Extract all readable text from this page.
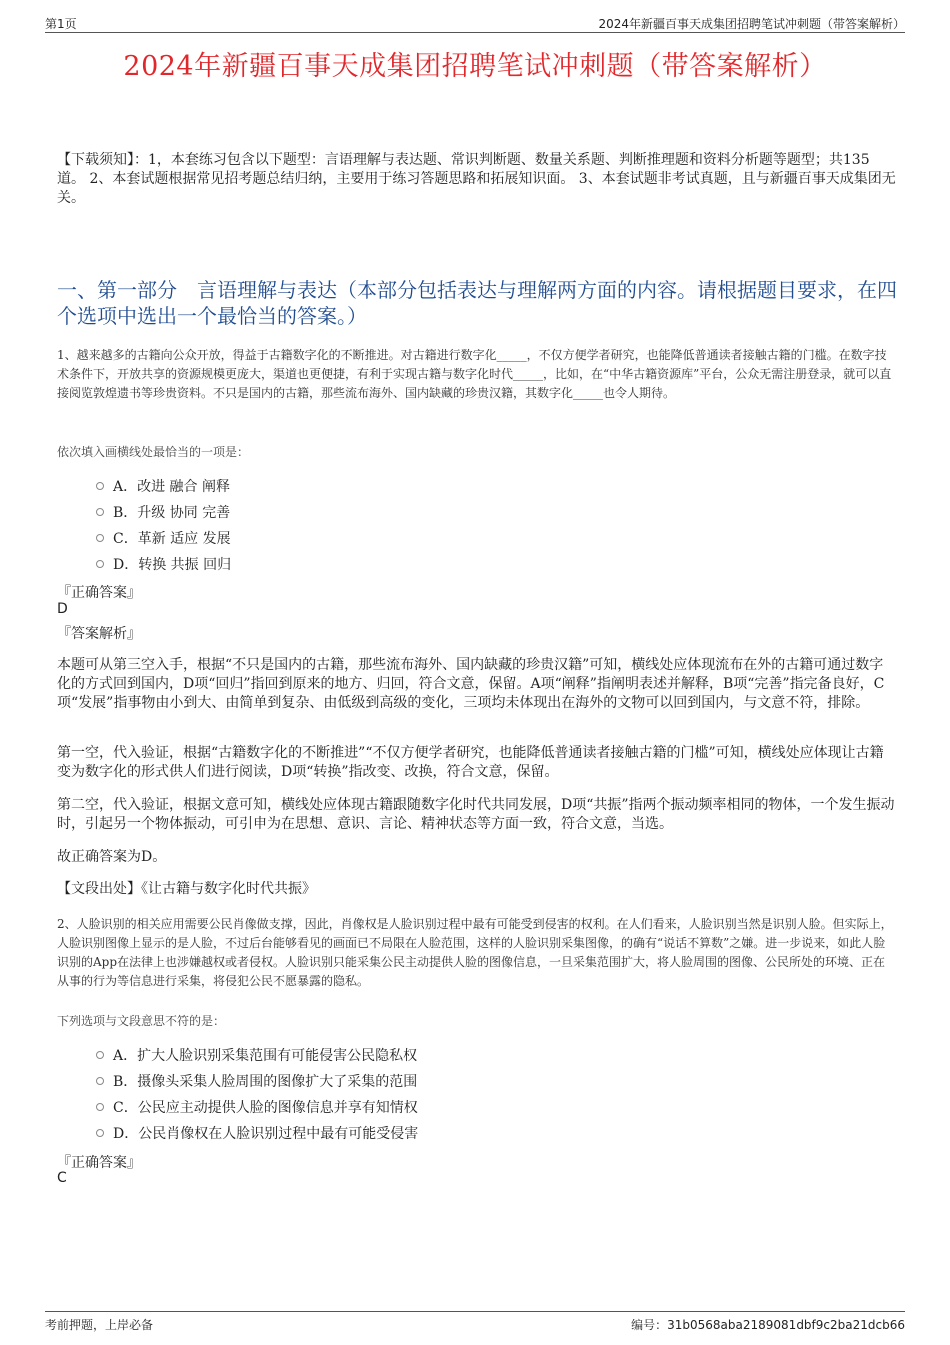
第1页	2024年新疆百事天成集团招聘笔试冲刺题（带答案解析）
2024年新疆百事天成集团招聘笔试冲刺题（带答案解析）
【下载须知】：1，本套练习包含以下题型：言语理解与表达题、常识判断题、数量关系题、判断推理题和资料分析题等题型；共135道。 2、本套试题根据常见招考题总结归纳，主要用于练习答题思路和拓展知识面。 3、本套试题非考试真题，且与新疆百事天成集团无关。
一、第一部分　言语理解与表达（本部分包括表达与理解两方面的内容。请根据题目要求，在四个选项中选出一个最恰当的答案。）
1、越来越多的古籍向公众开放，得益于古籍数字化的不断推进。对古籍进行数字化_____，不仅方便学者研究，也能降低普通读者接触古籍的门槛。在数字技术条件下，开放共享的资源规模更庞大，渠道也更便捷，有利于实现古籍与数字化时代_____，比如，在“中华古籍资源库”平台，公众无需注册登录，就可以直接阅览敦煌遗书等珍贵资料。不只是国内的古籍，那些流布海外、国内缺藏的珍贵汉籍，其数字化_____也令人期待。
依次填入画横线处最恰当的一项是：
A．改进 融合 阐释
B．升级 协同 完善
C．革新 适应 发展
D．转换 共振 回归
『正确答案』
D
『答案解析』
本题可从第三空入手，根据“不只是国内的古籍，那些流布海外、国内缺藏的珍贵汉籍”可知，横线处应体现流布在外的古籍可通过数字化的方式回到国内，D项“回归”指回到原来的地方、归回，符合文意，保留。A项“阐释”指阐明表述并解释，B项“完善”指完备良好，C项“发展”指事物由小到大、由简单到复杂、由低级到高级的变化，三项均未体现出在海外的文物可以回到国内，与文意不符，排除。
第一空，代入验证，根据“古籍数字化的不断推进”“不仅方便学者研究，也能降低普通读者接触古籍的门槛”可知，横线处应体现让古籍变为数字化的形式供人们进行阅读，D项“转换”指改变、改换，符合文意，保留。
第二空，代入验证，根据文意可知，横线处应体现古籍跟随数字化时代共同发展，D项“共振”指两个振动频率相同的物体，一个发生振动时，引起另一个物体振动，可引申为在思想、意识、言论、精神状态等方面一致，符合文意，当选。
故正确答案为D。
【文段出处】《让古籍与数字化时代共振》
2、人脸识别的相关应用需要公民肖像做支撑，因此，肖像权是人脸识别过程中最有可能受到侵害的权利。在人们看来，人脸识别当然是识别人脸。但实际上，人脸识别图像上显示的是人脸，不过后台能够看见的画面已不局限在人脸范围，这样的人脸识别采集图像，的确有“说话不算数”之嫌。进一步说来，如此人脸识别的App在法律上也涉嫌越权或者侵权。人脸识别只能采集公民主动提供人脸的图像信息，一旦采集范围扩大，将人脸周围的图像、公民所处的环境、正在从事的行为等信息进行采集，将侵犯公民不愿暴露的隐私。
下列选项与文段意思不符的是：
A．扩大人脸识别采集范围有可能侵害公民隐私权
B．摄像头采集人脸周围的图像扩大了采集的范围
C．公民应主动提供人脸的图像信息并享有知情权
D．公民肖像权在人脸识别过程中最有可能受侵害
『正确答案』
C
考前押题，上岸必备	编号：31b0568aba2189081dbf9c2ba21dcb66
